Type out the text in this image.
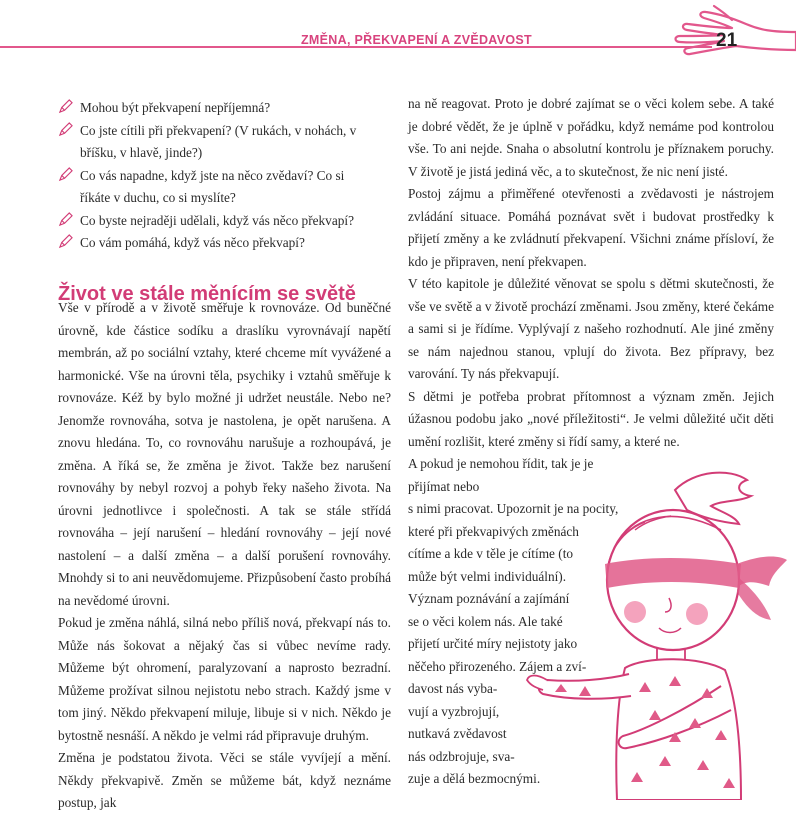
ZMĚNA, PŘEKVAPENÍ A ZVĚDAVOST	21
Mohou být překvapení nepříjemná?
Co jste cítili při překvapení? (V rukách, v nohách, v bříšku, v hlavě, jinde?)
Co vás napadne, když jste na něco zvědaví? Co si říkáte v duchu, co si myslíte?
Co byste nejraději udělali, když vás něco překvapí?
Co vám pomáhá, když vás něco překvapí?
Život ve stále měnícím se světě

Vše v přírodě a v životě směřuje k rovnováze. Od buněčné úrovně, kde částice sodíku a draslíku vyrovnávají napětí membrán, až po sociální vztahy, které chceme mít vyvážené a harmonické. Vše na úrovni těla, psychiky i vztahů směřuje k rovnováze. Kéž by bylo možné ji udržet neustále. Nebo ne? Jenomže rovnováha, sotva je nastolena, je opět narušena. A znovu hledána. To, co rovnováhu narušuje a rozhoupává, je změna. A říká se, že změna je život. Takže bez narušení rovnováhy by nebyl rozvoj a pohyb řeky našeho života. Na úrovni jednotlivce i společnosti. A tak se stále střídá rovnováha – její narušení – hledání rovnováhy – její nové nastolení – a další změna – a další porušení rovnováhy. Mnohdy si to ani neuvědomujeme. Přizpůsobení často probíhá na nevědomé úrovni.

Pokud je změna náhlá, silná nebo příliš nová, překvapí nás to. Může nás šokovat a nějaký čas si vůbec nevíme rady. Můžeme být ohromení, paralyzovaní a naprosto bezradní. Můžeme prožívat silnou nejistotu nebo strach. Každý jsme v tom jiný. Někdo překvapení miluje, libuje si v nich. Někdo je bytostně nesnáší. A někdo je velmi rád připravuje druhým.

Změna je podstatou života. Věci se stále vyvíjejí a mění. Někdy překvapivě. Změn se můžeme bát, když neznáme postup, jak

na ně reagovat. Proto je dobré zajímat se o věci kolem sebe. A také je dobré vědět, že je úplně v pořádku, když nemáme pod kontrolou vše. To ani nejde. Snaha o absolutní kontrolu je příznakem poruchy. V životě je jistá jediná věc, a to skutečnost, že nic není jisté.

Postoj zájmu a přiměřené otevřenosti a zvědavosti je nástrojem zvládání situace. Pomáhá poznávat svět i budovat prostředky k přijetí změny a ke zvládnutí překvapení. Všichni známe přísloví, že kdo je připraven, není překvapen.

V této kapitole je důležité věnovat se spolu s dětmi skutečnosti, že vše ve světě a v životě prochází změnami. Jsou změny, které čekáme a sami si je řídíme. Vyplývají z našeho rozhodnutí. Ale jiné změny se nám najednou stanou, vplují do života. Bez přípravy, bez varování. Ty nás překvapují.

S dětmi je potřeba probrat přítomnost a význam změn. Jejich úžasnou podobu jako „nové příležitosti“. Je velmi důležité učit děti umění rozlišit, které změny si řídí samy, a které ne.

A pokud je nemohou řídit, tak je je přijímat nebo
s nimi pracovat. Upozornit je na pocity,
které při překvapivých změnách
cítíme a kde v těle je cítíme (to
může být velmi individuální).
Význam poznávání a zajímání
se o věci kolem nás. Ale také
přijetí určité míry nejistoty jako
něčeho přirozeného. Zájem a zví-
davost nás vyba-
vují a vyzbrojují,
nutkavá zvědavost
nás odzbrojuje, sva-
zuje a dělá bezmocnými.
